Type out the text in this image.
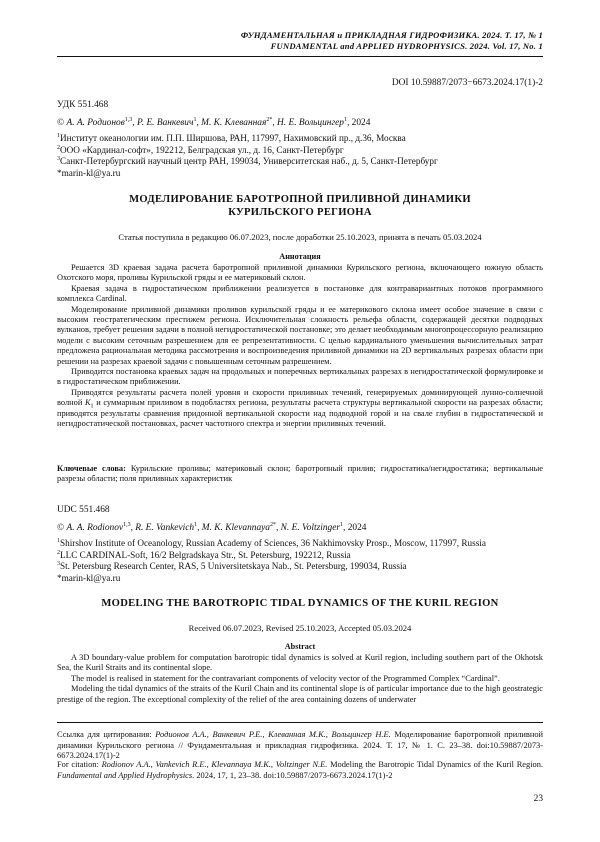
ФУНДАМЕНТАЛЬНАЯ и ПРИКЛАДНАЯ ГИДРОФИЗИКА. 2024. Т. 17, № 1
FUNDAMENTAL and APPLIED HYDROPHYSICS. 2024. Vol. 17, No. 1
DOI 10.59887/2073−6673.2024.17(1)-2
УДК 551.468
© А. А. Родионов$^{1,3}$, Р. Е. Ванкевич$^1$, М. К. Клеванная$^{2*}$, Н. Е. Вольцингер$^1$, 2024
$^1$Институт океанологии им. П.П. Ширшова, РАН, 117997, Нахимовский пр., д.36, Москва
$^2$ООО «Кардинал-софт», 192212, Белградская ул., д. 16, Санкт-Петербург
$^3$Санкт-Петербургский научный центр РАН, 199034, Университетская наб., д. 5, Санкт-Петербург
*marin-kl@ya.ru
МОДЕЛИРОВАНИЕ БАРОТРОПНОЙ ПРИЛИВНОЙ ДИНАМИКИ
КУРИЛЬСКОГО РЕГИОНА
Статья поступила в редакцию 06.07.2023, после доработки 25.10.2023, принята в печать 05.03.2024
Аннотация

Решается 3D краевая задача расчета баротропной приливной динамики Курильского региона, включающего южную область Охотского моря, проливы Курильской гряды и ее материковый склон.

Краевая задача в гидростатическом приближении реализуется в постановке для контравариантных потоков программного комплекса Cardinal.

Моделирование приливной динамики проливов курильской гряды и ее материкового склона имеет особое значение в связи с высоким геостратегическим престижем региона. Исключительная сложность рельефа области, содержащей десятки подводных вулканов, требует решения задачи в полной негидростатической постановке; это делает необходимым многопроцессорную реализацию модели с высоким сеточным разрешением для ее репрезентативности. С целью кардинального уменьшения вычислительных затрат предложена рациональная методика рассмотрения и воспроизведения приливной динамики на 2D вертикальных разрезах области при решении на разрезах краевой задачи с повышенным сеточным разрешением.

Приводится постановка краевых задач на продольных и поперечных вертикальных разрезах в негидростатической формулировке и в гидростатическом приближении.

Приводятся результаты расчета полей уровня и скорости приливных течений, генерируемых доминирующей лунно-солнечной волной $K_1$ и суммарным приливом в подобластях региона, результаты расчета структуры вертикальной скорости на разрезах области; приводятся результаты сравнения придонной вертикальной скорости над подводной горой и на свале глубин в гидростатической и негидростатической постановках, расчет частотного спектра и энергии приливных течений.

Ключевые слова: Курильские проливы; материковый склон; баротропный прилив; гидростатика/негидростатика; вертикальные разрезы области; поля приливных характеристик
UDC 551.468
© A. A. Rodionov$^{1,3}$, R. E. Vankevich$^1$, M. K. Klevannaya$^{2*}$, N. E. Voltzinger$^1$, 2024
$^1$Shirshov Institute of Oceanology, Russian Academy of Sciences, 36 Nakhimovsky Prosp., Moscow, 117997, Russia
$^2$LLC CARDINAL-Soft, 16/2 Belgradskaya Str., St. Petersburg, 192212, Russia
$^3$St. Petersburg Research Center, RAS, 5 Universitetskaya Nab., St. Petersburg, 199034, Russia
*marin-kl@ya.ru
MODELING THE BAROTROPIC TIDAL DYNAMICS OF THE KURIL REGION
Received 06.07.2023, Revised 25.10.2023, Accepted 05.03.2024
Abstract

A 3D boundary-value problem for computation barotropic tidal dynamics is solved at Kuril region, including southern part of the Okhotsk Sea, the Kuril Straits and its continental slope.

The model is realised in statement for the contravariant components of velocity vector of the Programmed Complex “Cardinal”.

Modeling the tidal dynamics of the straits of the Kuril Chain and its continental slope is of particular importance due to the high geostrategic prestige of the region. The exceptional complexity of the relief of the area containing dozens of underwater

Ссылка для цитирования: Родионов А.А., Ванкевич Р.Е., Клеванная М.К., Вольцингер Н.Е. Моделирование баротропной приливной динамики Курильского региона // Фундаментальная и прикладная гидрофизика. 2024. Т. 17, № 1. С. 23–38. doi:10.59887/2073-6673.2024.17(1)-2
For citation: Rodionov A.A., Vankevich R.E., Klevannaya M.K., Voltzinger N.E. Modeling the Barotropic Tidal Dynamics of the Kuril Region. Fundamental and Applied Hydrophysics. 2024, 17, 1, 23–38. doi:10.59887/2073-6673.2024.17(1)-2
23
